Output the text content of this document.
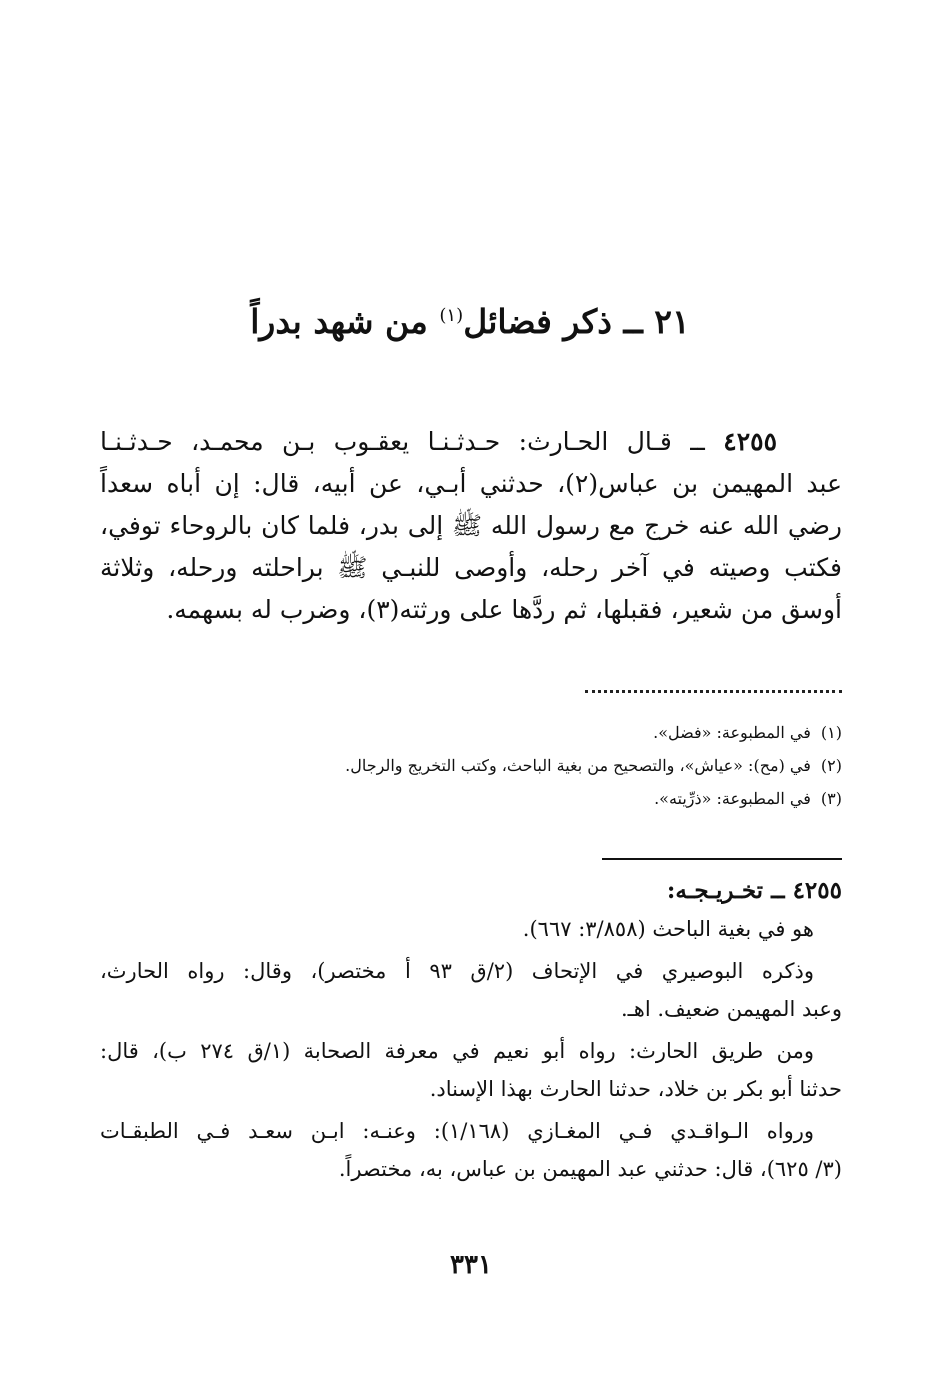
٢١ ــ ذكر فضائل$^{(١)}$ من شهد بدراً
٤٢٥٥ ــ قـال الحـارث: حـدثـنـا يعقـوب بـن محمـد، حـدثـنـا
عبد المهيمن بن عباس(٢)، حدثني أبـي، عن أبيه، قال: إن أباه سعداً
رضي الله عنه خرج مع رسول الله ﷺ إلى بدر، فلما كان بالروحاء توفي،
فكتب وصيته في آخر رحله، وأوصى للنبـي ﷺ براحلته ورحله، وثلاثة
أوسق من شعير، فقبلها، ثم ردَّها على ورثته(٣)، وضرب له بسهمه.
(١)في المطبوعة: «فضل».
(٢)في (مح): «عياش»، والتصحيح من بغية الباحث، وكتب التخريج والرجال.
(٣)في المطبوعة: «ذرِّيته».
٤٢٥٥ ــ تخـريـجـه:
هو في بغية الباحث (٣/٨٥٨: ٦٦٧).
وذكره البوصيري في الإتحاف (٢/ق ٩٣ أ مختصر)، وقال: رواه الحارث،
وعبد المهيمن ضعيف. اهـ.
ومن طريق الحارث: رواه أبو نعيم في معرفة الصحابة (١/ق ٢٧٤ ب)، قال:
حدثنا أبو بكر بن خلاد، حدثنا الحارث بهذا الإسناد.
ورواه الـواقـدي فـي المغـازي (١/١٦٨): وعنـه: ابـن سعـد فـي الطبقـات
(٣/ ٦٢٥)، قال: حدثني عبد المهيمن بن عباس، به، مختصراً.
٣٣١
